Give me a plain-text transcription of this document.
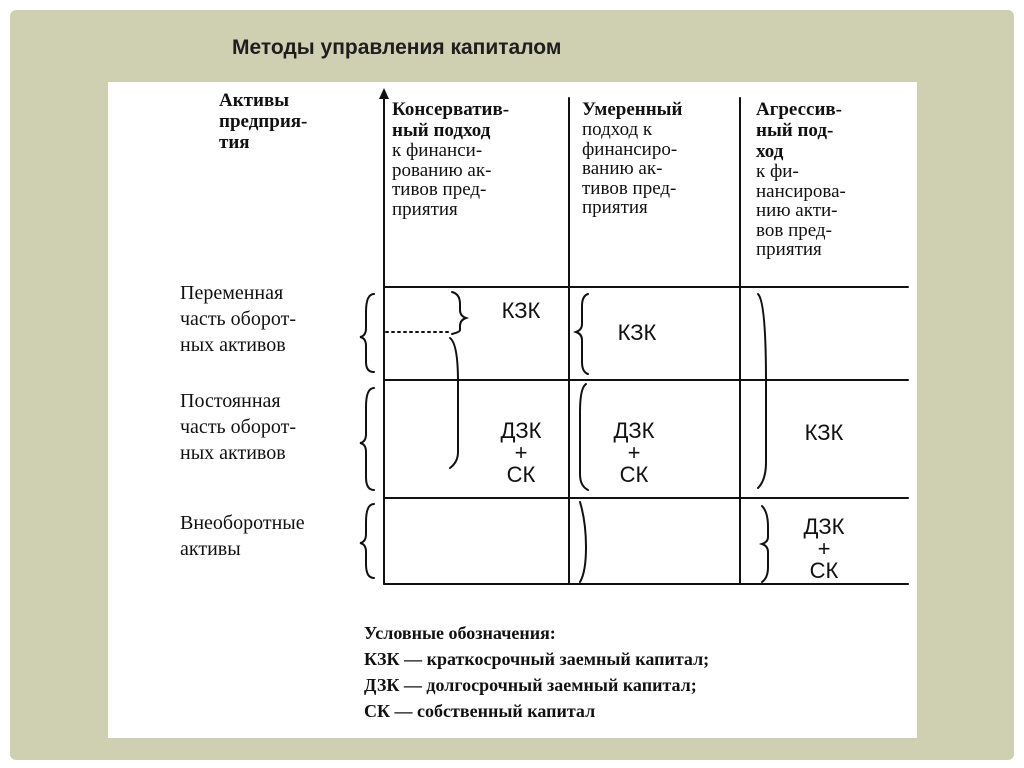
Методы управления капиталом
Активы
предприя-
тия
Консерватив-
ный подход
к финанси-
рованию ак-
тивов пред-
приятия
Умеренный
подход к
финансиро-
ванию ак-
тивов пред-
приятия
Агрессив-
ный под-
ход
к фи-
нансирова-
нию акти-
вов пред-
приятия
Переменная
часть оборот-
ных активов
Постоянная
часть оборот-
ных активов
Внеоборотные
активы
КЗК
ДЗК
+
СК
КЗК
ДЗК
+
СК
КЗК
ДЗК
+
СК
Условные обозначения:
КЗК — краткосрочный заемный капитал;
ДЗК — долгосрочный заемный капитал;
СК — собственный капитал
